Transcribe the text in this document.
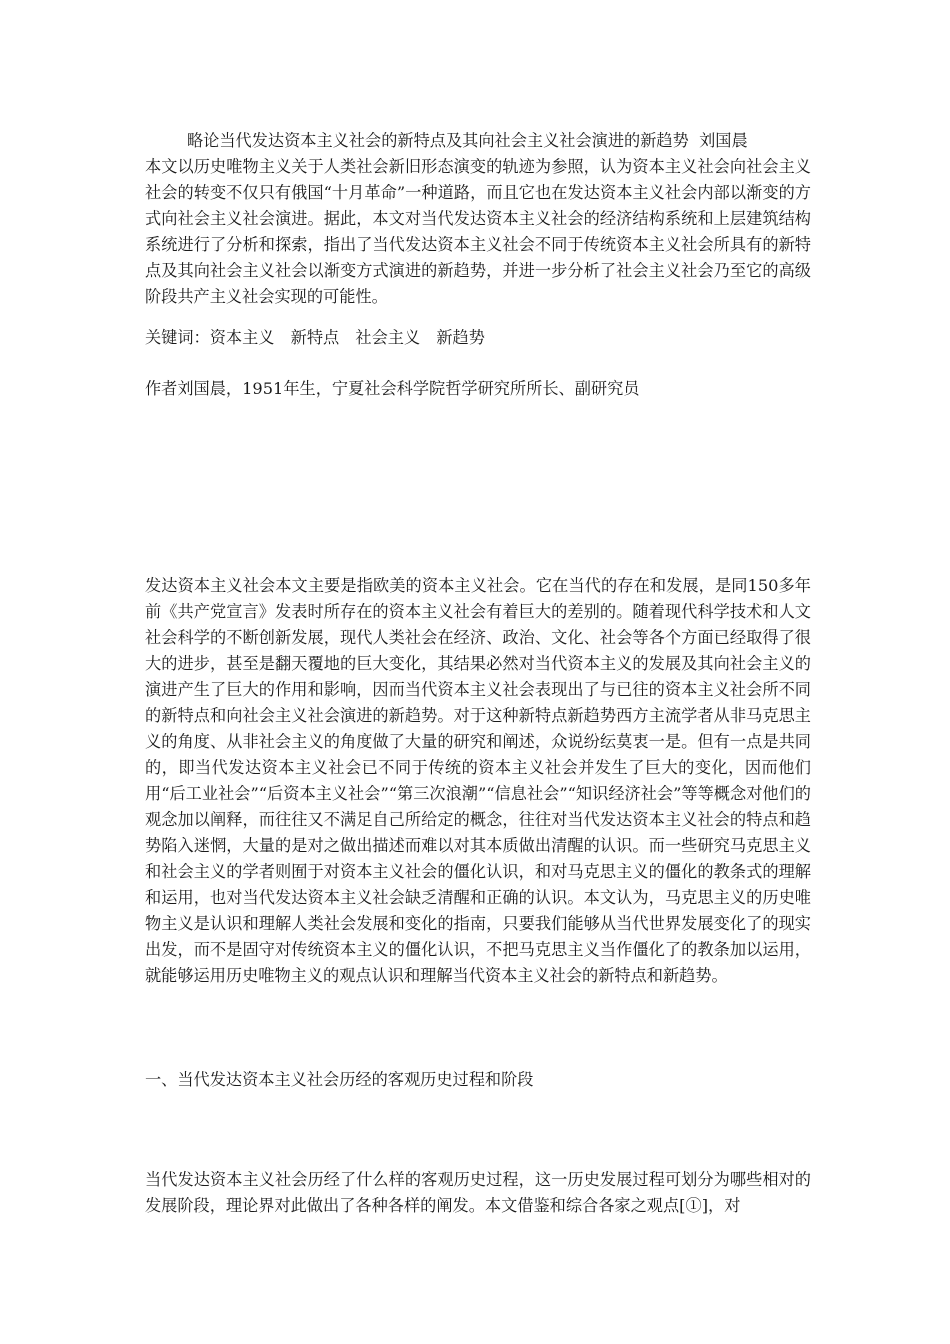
略论当代发达资本主义社会的新特点及其向社会主义社会演进的新趋势 刘国晨

本文以历史唯物主义关于人类社会新旧形态演变的轨迹为参照，认为资本主义社会向社会主义社会的转变不仅只有俄国“十月革命”一种道路，而且它也在发达资本主义社会内部以渐变的方式向社会主义社会演进。据此，本文对当代发达资本主义社会的经济结构系统和上层建筑结构系统进行了分析和探索，指出了当代发达资本主义社会不同于传统资本主义社会所具有的新特点及其向社会主义社会以渐变方式演进的新趋势，并进一步分析了社会主义社会乃至它的高级阶段共产主义社会实现的可能性。

关键词：资本主义　新特点　社会主义　新趋势

作者刘国晨，1951年生，宁夏社会科学院哲学研究所所长、副研究员

发达资本主义社会本文主要是指欧美的资本主义社会。它在当代的存在和发展，是同150多年前《共产党宣言》发表时所存在的资本主义社会有着巨大的差别的。随着现代科学技术和人文社会科学的不断创新发展，现代人类社会在经济、政治、文化、社会等各个方面已经取得了很大的进步，甚至是翻天覆地的巨大变化，其结果必然对当代资本主义的发展及其向社会主义的演进产生了巨大的作用和影响，因而当代资本主义社会表现出了与已往的资本主义社会所不同的新特点和向社会主义社会演进的新趋势。对于这种新特点新趋势西方主流学者从非马克思主义的角度、从非社会主义的角度做了大量的研究和阐述，众说纷纭莫衷一是。但有一点是共同的，即当代发达资本主义社会已不同于传统的资本主义社会并发生了巨大的变化，因而他们用“后工业社会”“后资本主义社会”“第三次浪潮”“信息社会”“知识经济社会”等等概念对他们的观念加以阐释，而往往又不满足自己所给定的概念，往往对当代发达资本主义社会的特点和趋势陷入迷惘，大量的是对之做出描述而难以对其本质做出清醒的认识。而一些研究马克思主义和社会主义的学者则囿于对资本主义社会的僵化认识，和对马克思主义的僵化的教条式的理解和运用，也对当代发达资本主义社会缺乏清醒和正确的认识。本文认为，马克思主义的历史唯物主义是认识和理解人类社会发展和变化的指南，只要我们能够从当代世界发展变化了的现实出发，而不是固守对传统资本主义的僵化认识，不把马克思主义当作僵化了的教条加以运用，就能够运用历史唯物主义的观点认识和理解当代资本主义社会的新特点和新趋势。

一、当代发达资本主义社会历经的客观历史过程和阶段

当代发达资本主义社会历经了什么样的客观历史过程，这一历史发展过程可划分为哪些相对的发展阶段，理论界对此做出了各种各样的阐发。本文借鉴和综合各家之观点[①]，对
